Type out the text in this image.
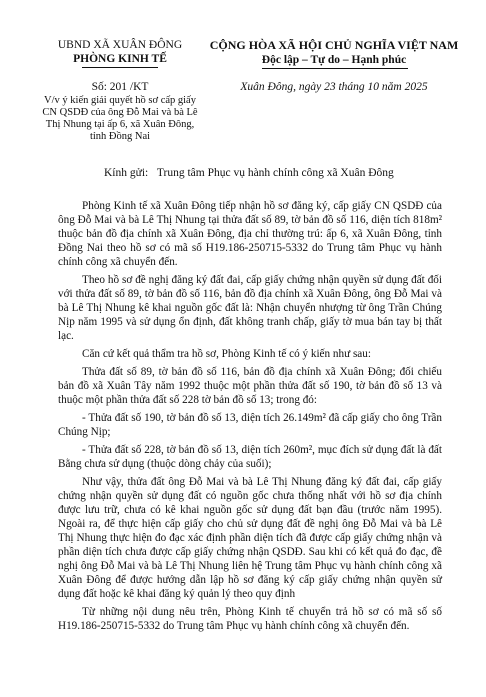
UBND XÃ XUÂN ĐÔNG
PHÒNG KINH TẾ
Số: 201 /KT
V/v ý kiến giải quyết hồ sơ cấp giấy CN QSDĐ của ông Đỗ Mai và bà Lê Thị Nhung tại ấp 6, xã Xuân Đông, tỉnh Đồng Nai
CỘNG HÒA XÃ HỘI CHỦ NGHĨA VIỆT NAM
Độc lập – Tự do – Hạnh phúc
Xuân Đông, ngày 23 tháng 10 năm 2025
Kính gửi: Trung tâm Phục vụ hành chính công xã Xuân Đông

Phòng Kinh tế xã Xuân Đông tiếp nhận hồ sơ đăng ký, cấp giấy CN QSDĐ của ông Đỗ Mai và bà Lê Thị Nhung tại thửa đất số 89, tờ bản đồ số 116, diện tích 818m² thuộc bản đồ địa chính xã Xuân Đông, địa chỉ thường trú: ấp 6, xã Xuân Đông, tỉnh Đồng Nai theo hồ sơ có mã số H19.186-250715-5332 do Trung tâm Phục vụ hành chính công xã chuyển đến.

Theo hồ sơ đề nghị đăng ký đất đai, cấp giấy chứng nhận quyền sử dụng đất đối với thửa đất số 89, tờ bản đồ số 116, bản đồ địa chính xã Xuân Đông, ông Đỗ Mai và bà Lê Thị Nhung kê khai nguồn gốc đất là: Nhận chuyển nhượng từ ông Trần Chúng Nịp năm 1995 và sử dụng ổn định, đất không tranh chấp, giấy tờ mua bán tay bị thất lạc.

Căn cứ kết quả thẩm tra hồ sơ, Phòng Kinh tế có ý kiến như sau:

Thửa đất số 89, tờ bản đồ số 116, bản đồ địa chính xã Xuân Đông; đối chiếu bản đồ xã Xuân Tây năm 1992 thuộc một phần thửa đất số 190, tờ bản đồ số 13 và thuộc một phần thửa đất số 228 tờ bản đồ số 13; trong đó:

- Thửa đất số 190, tờ bản đồ số 13, diện tích 26.149m² đã cấp giấy cho ông Trần Chúng Nịp;

- Thửa đất số 228, tờ bản đồ số 13, diện tích 260m², mục đích sử dụng đất là đất Bằng chưa sử dụng (thuộc dòng chảy của suối);

Như vậy, thửa đất ông Đỗ Mai và bà Lê Thị Nhung đăng ký đất đai, cấp giấy chứng nhận quyền sử dụng đất có nguồn gốc chưa thống nhất với hồ sơ địa chính được lưu trữ, chưa có kê khai nguồn gốc sử dụng đất bạn đầu (trước năm 1995). Ngoài ra, để thực hiện cấp giấy cho chủ sử dụng đất đề nghị ông Đỗ Mai và bà Lê Thị Nhung thực hiện đo đạc xác định phần diện tích đã được cấp giấy chứng nhận và phần diện tích chưa được cấp giấy chứng nhận QSDĐ. Sau khi có kết quả đo đạc, đề nghị ông Đỗ Mai và bà Lê Thị Nhung liên hệ Trung tâm Phục vụ hành chính công xã Xuân Đông để được hướng dẫn lập hồ sơ đăng ký cấp giấy chứng nhận quyền sử dụng đất hoặc kê khai đăng ký quản lý theo quy định

Từ những nội dung nêu trên, Phòng Kinh tế chuyển trả hồ sơ có mã số số H19.186-250715-5332 do Trung tâm Phục vụ hành chính công xã chuyển đến.
